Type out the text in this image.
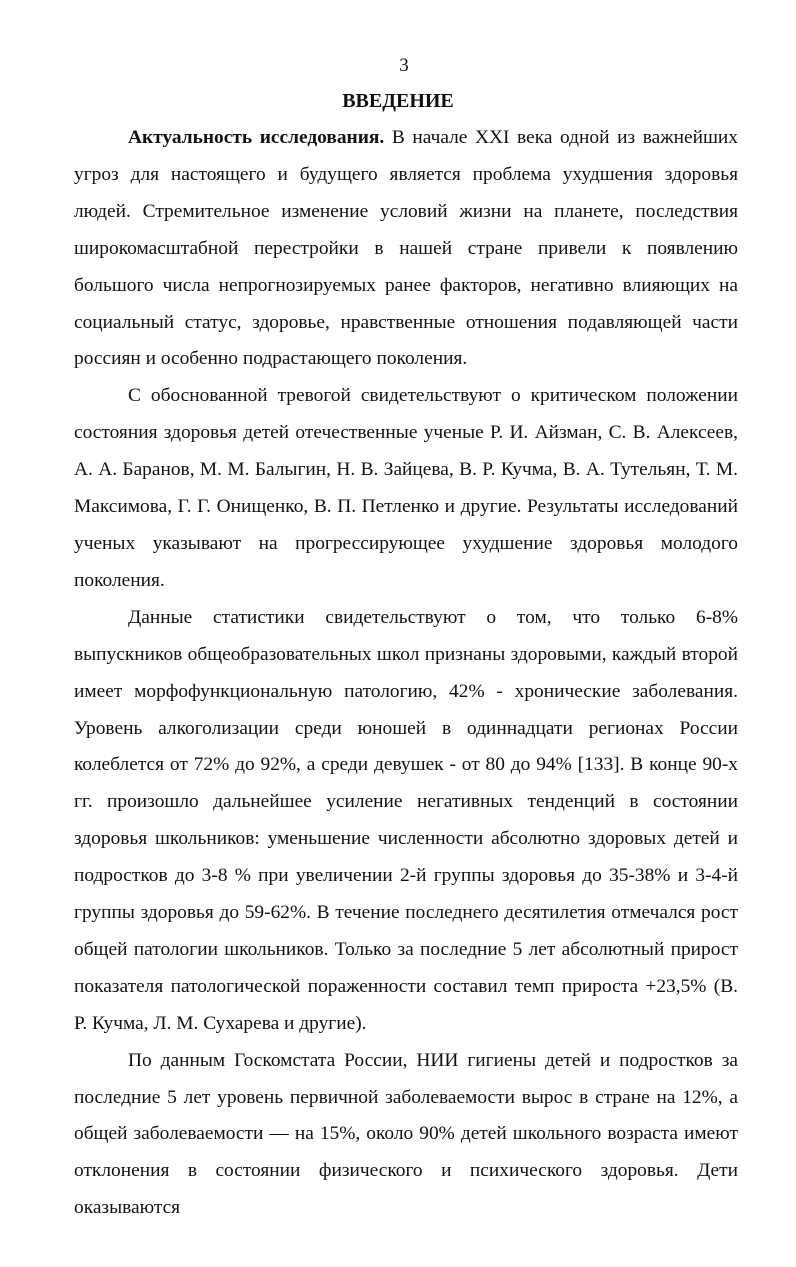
3
ВВЕДЕНИЕ

Актуальность исследования. В начале XXI века одной из важнейших угроз для настоящего и будущего является проблема ухудшения здоровья людей. Стремительное изменение условий жизни на планете, последствия широкомасштабной перестройки в нашей стране привели к появлению большого числа непрогнозируемых ранее факторов, негативно влияющих на социальный статус, здоровье, нравственные отношения подавляющей части россиян и особенно подрастающего поколения.

С обоснованной тревогой свидетельствуют о критическом положении состояния здоровья детей отечественные ученые Р. И. Айзман, С. В. Алексеев, А. А. Баранов, М. М. Балыгин, Н. В. Зайцева, В. Р. Кучма, В. А. Тутельян, Т. М. Максимова, Г. Г. Онищенко, В. П. Петленко и другие. Результаты исследований ученых указывают на прогрессирующее ухудшение здоровья молодого поколения.

Данные статистики свидетельствуют о том, что только 6-8% выпускников общеобразовательных школ признаны здоровыми, каждый второй имеет морфофункциональную патологию, 42% - хронические заболевания. Уровень алкоголизации среди юношей в одиннадцати регионах России колеблется от 72% до 92%, а среди девушек - от 80 до 94% [133]. В конце 90-х гг. произошло дальнейшее усиление негативных тенденций в состоянии здоровья школьников: уменьшение численности абсолютно здоровых детей и подростков до 3-8 % при увеличении 2-й группы здоровья до 35-38% и 3-4-й группы здоровья до 59-62%. В течение последнего десятилетия отмечался рост общей патологии школьников. Только за последние 5 лет абсолютный прирост показателя патологической пораженности составил темп прироста +23,5% (В. Р. Кучма, Л. М. Сухарева и другие).

По данным Госкомстата России, НИИ гигиены детей и подростков за последние 5 лет уровень первичной заболеваемости вырос в стране на 12%, а общей заболеваемости — на 15%, около 90% детей школьного возраста имеют отклонения в состоянии физического и психического здоровья. Дети оказываются
